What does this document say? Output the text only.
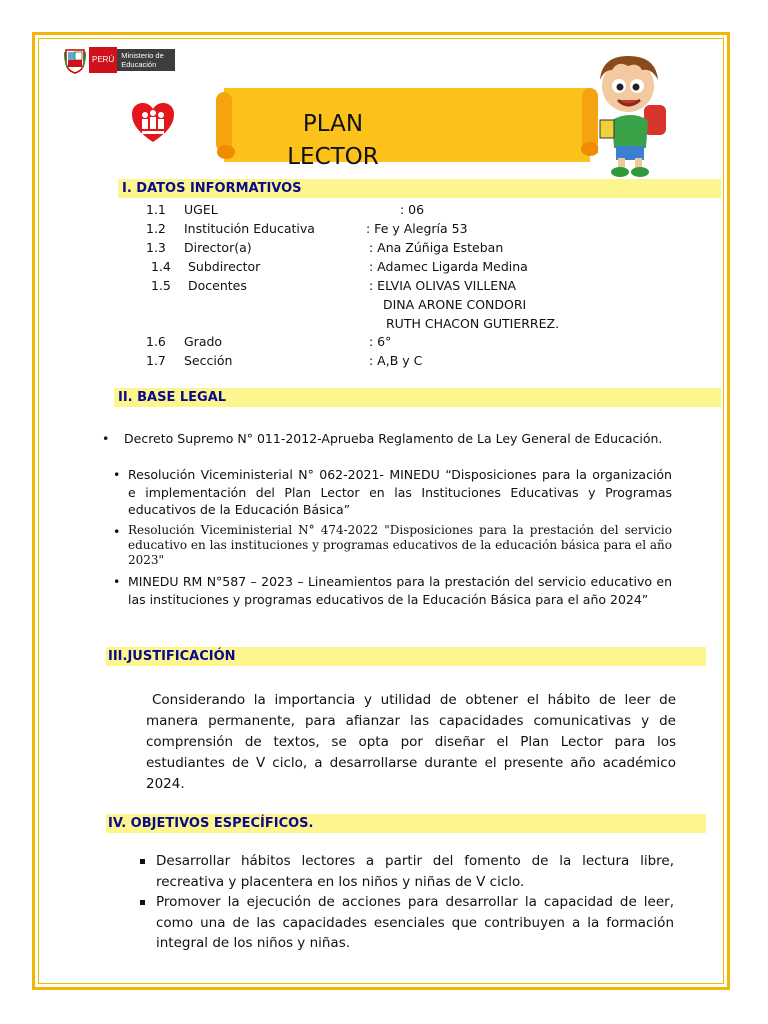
PERÚ Ministerio de Educación
PLAN
LECTOR
I. DATOS INFORMATIVOS
1.1 UGEL	: 06
1.2 Institución Educativa	: Fe y Alegría 53
1.3 Director(a)	: Ana Zúñiga Esteban
1.4 Subdirector	: Adamec Ligarda Medina
1.5 Docentes	: ELVIA OLIVAS VILLENA
DINA ARONE CONDORI
RUTH CHACON GUTIERREZ.
1.6 Grado	: 6°
1.7 Sección	: A,B y C
II. BASE LEGAL
•	Decreto Supremo N° 011-2012-Aprueba Reglamento de La Ley General de Educación.
• Resolución Viceministerial N° 062-2021- MINEDU “Disposiciones para la organización e implementación del Plan Lector en las Instituciones Educativas y Programas educativos de la Educación Básica”
• Resolución Viceministerial N° 474-2022 "Disposiciones para la prestación del servicio educativo en las instituciones y programas educativos de la educación básica para el año 2023"
• MINEDU RM N°587 – 2023 – Lineamientos para la prestación del servicio educativo en las instituciones y programas educativos de la Educación Básica para el año 2024”
III.JUSTIFICACIÓN
Considerando la importancia y utilidad de obtener el hábito de leer de manera permanente, para afianzar las capacidades comunicativas y de comprensión de textos, se opta por diseñar el Plan Lector para los estudiantes de V ciclo, a desarrollarse durante el presente año académico 2024.
IV. OBJETIVOS ESPECÍFICOS.
Desarrollar hábitos lectores a partir del fomento de la lectura libre, recreativa y placentera en los niños y niñas de V ciclo.
Promover la ejecución de acciones para desarrollar la capacidad de leer, como una de las capacidades esenciales que contribuyen a la formación integral de los niños y niñas.
